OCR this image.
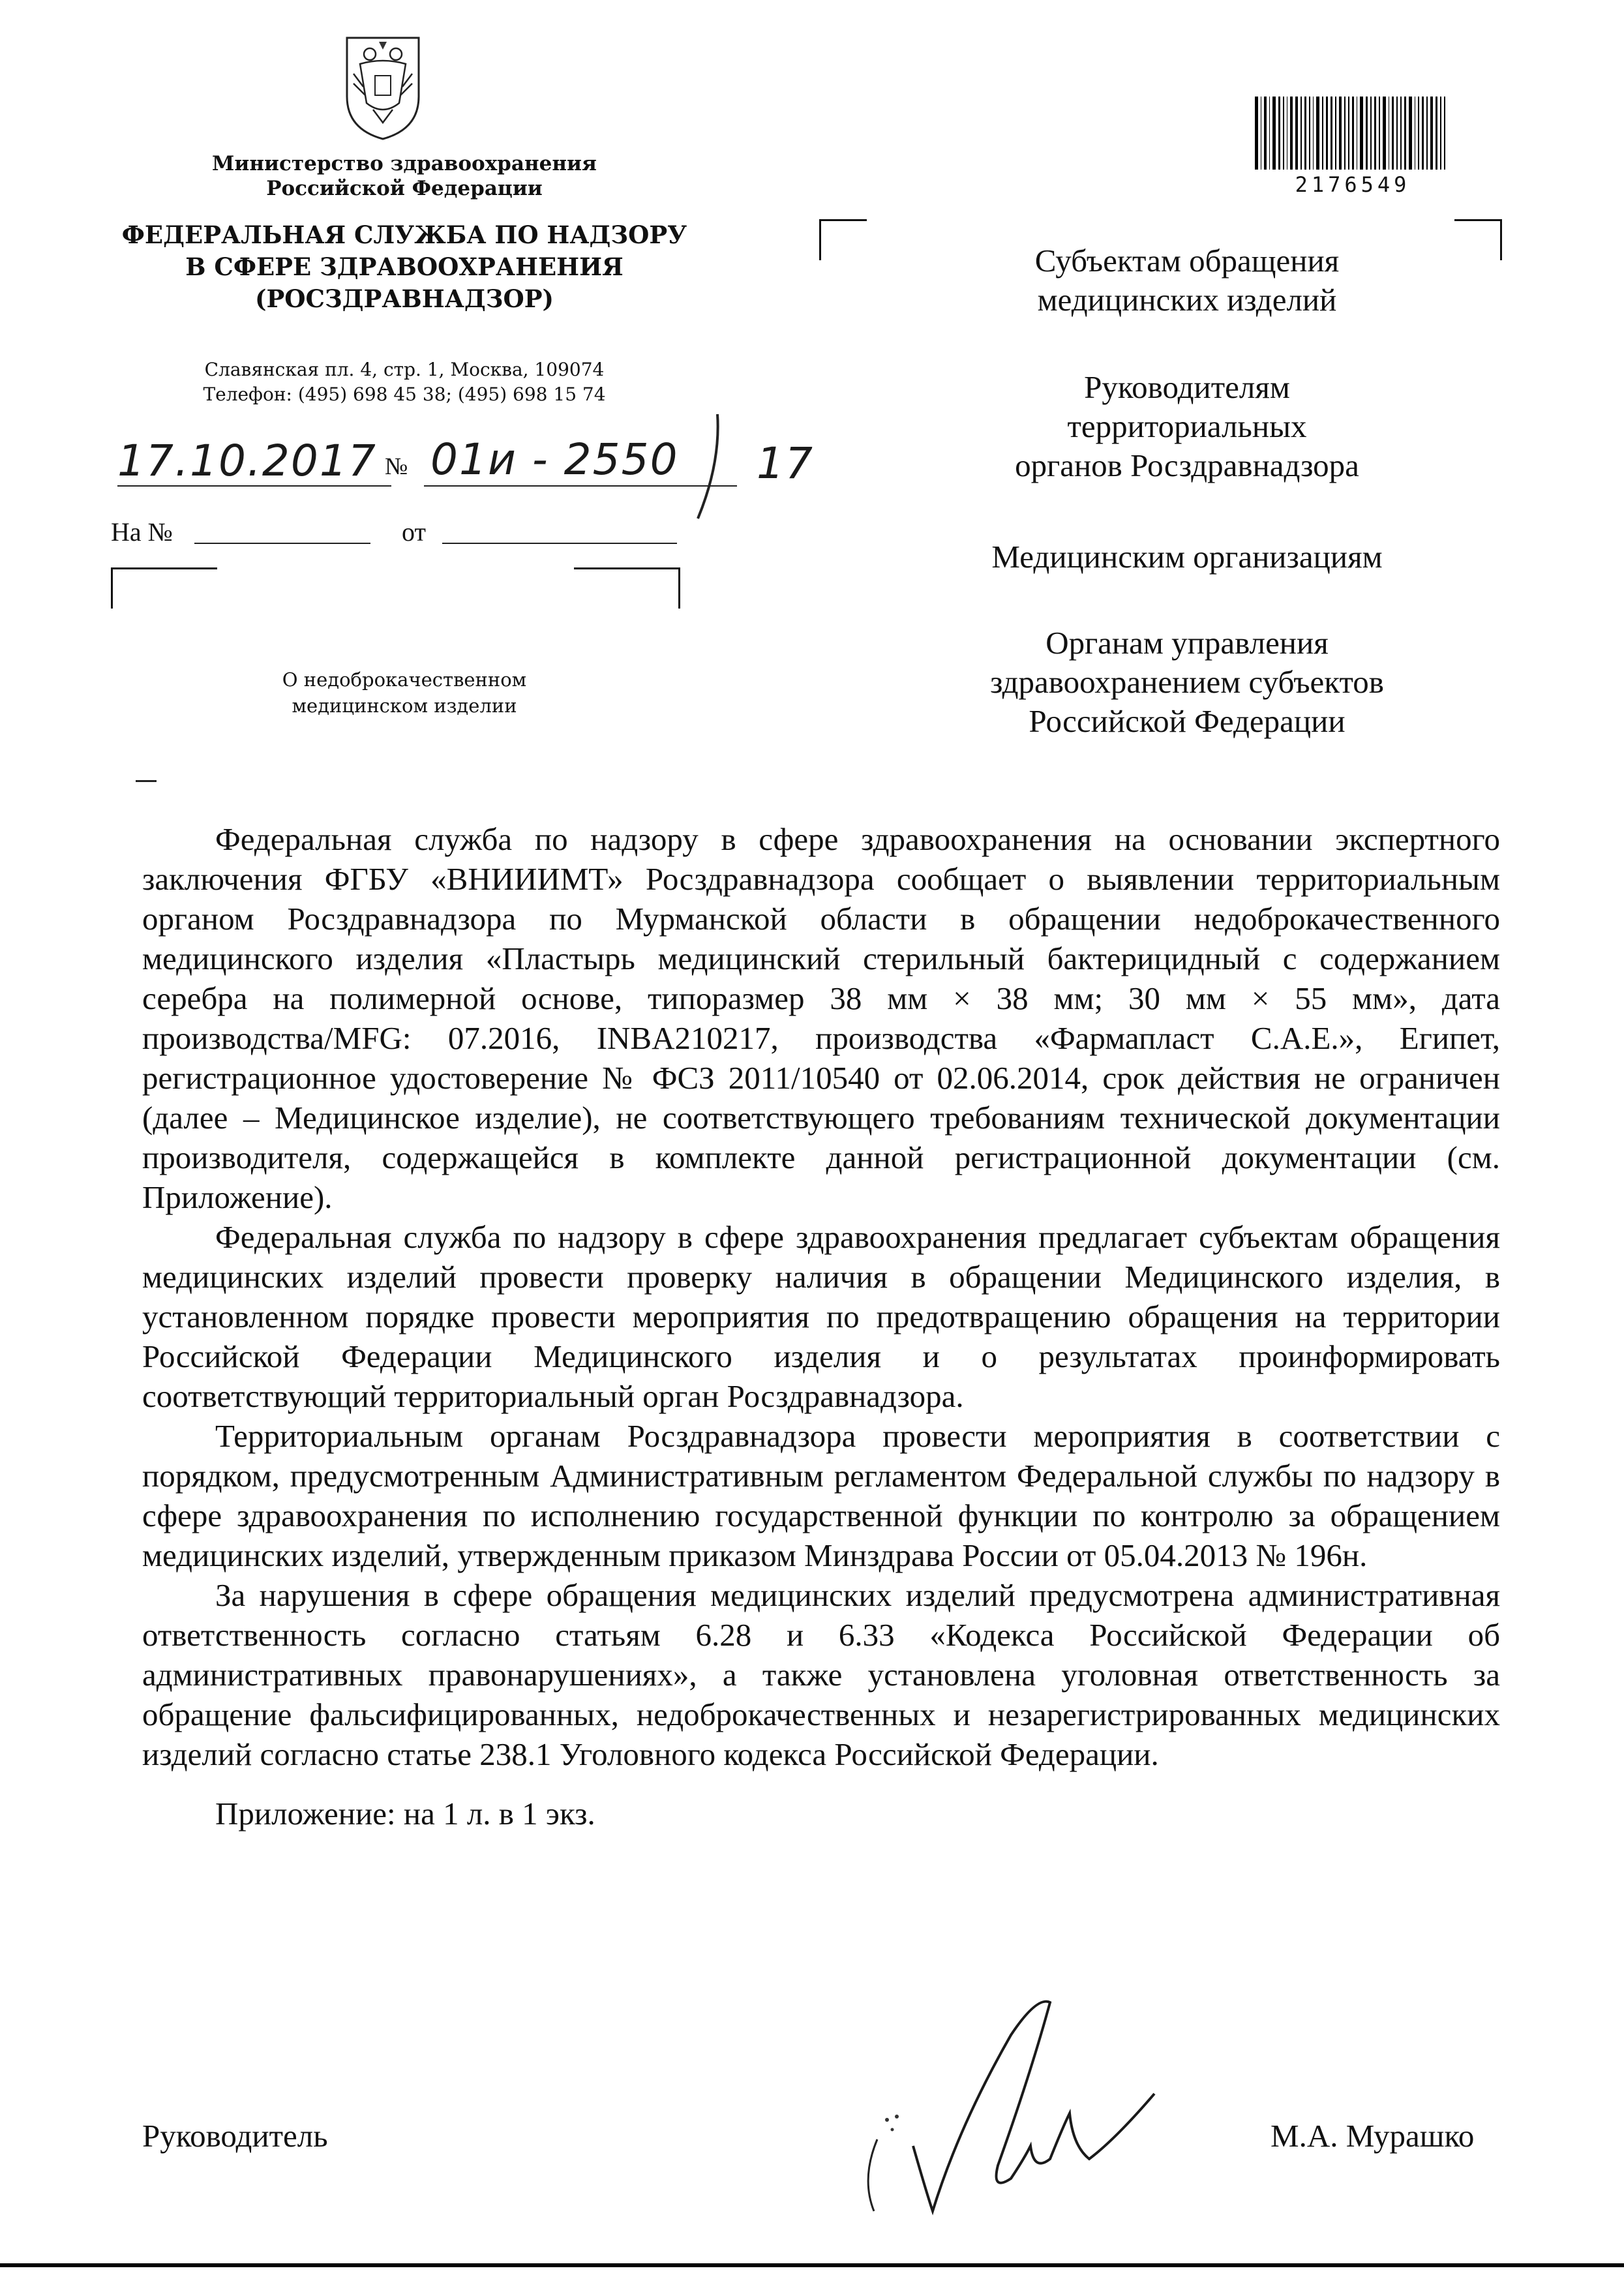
Министерство здравоохранения
Российской Федерации
ФЕДЕРАЛЬНАЯ СЛУЖБА ПО НАДЗОРУ
В СФЕРЕ ЗДРАВООХРАНЕНИЯ
(РОСЗДРАВНАДЗОР)
Славянская пл. 4, стр. 1, Москва, 109074
Телефон: (495) 698 45 38; (495) 698 15 74
17.10.2017 № 01и - 2550 17
На №	от
О недоброкачественном
медицинском изделии
2176549
Субъектам обращения
медицинских изделий
Руководителям
территориальных
органов Росздравнадзора
Медицинским организациям
Органам управления
здравоохранением субъектов
Российской Федерации

Федеральная служба по надзору в сфере здравоохранения на основании экспертного заключения ФГБУ «ВНИИИМТ» Росздравнадзора сообщает о выявлении территориальным органом Росздравнадзора по Мурманской области в обращении недоброкачественного медицинского изделия «Пластырь медицинский стерильный бактерицидный с содержанием серебра на полимерной основе, типоразмер 38 мм × 38 мм; 30 мм × 55 мм», дата производства/MFG: 07.2016, INBA210217, производства «Фармапласт С.А.Е.», Египет, регистрационное удостоверение № ФСЗ 2011/10540 от 02.06.2014, срок действия не ограничен (далее – Медицинское изделие), не соответствующего требованиям технической документации производителя, содержащейся в комплекте данной регистрационной документации (см. Приложение).

Федеральная служба по надзору в сфере здравоохранения предлагает субъектам обращения медицинских изделий провести проверку наличия в обращении Медицинского изделия, в установленном порядке провести мероприятия по предотвращению обращения на территории Российской Федерации Медицинского изделия и о результатах проинформировать соответствующий территориальный орган Росздравнадзора.

Территориальным органам Росздравнадзора провести мероприятия в соответствии с порядком, предусмотренным Административным регламентом Федеральной службы по надзору в сфере здравоохранения по исполнению государственной функции по контролю за обращением медицинских изделий, утвержденным приказом Минздрава России от 05.04.2013 № 196н.

За нарушения в сфере обращения медицинских изделий предусмотрена административная ответственность согласно статьям 6.28 и 6.33 «Кодекса Российской Федерации об административных правонарушениях», а также установлена уголовная ответственность за обращение фальсифицированных, недоброкачественных и незарегистрированных медицинских изделий согласно статье 238.1 Уголовного кодекса Российской Федерации.

Приложение: на 1 л. в 1 экз.

Руководитель	М.А. Мурашко
